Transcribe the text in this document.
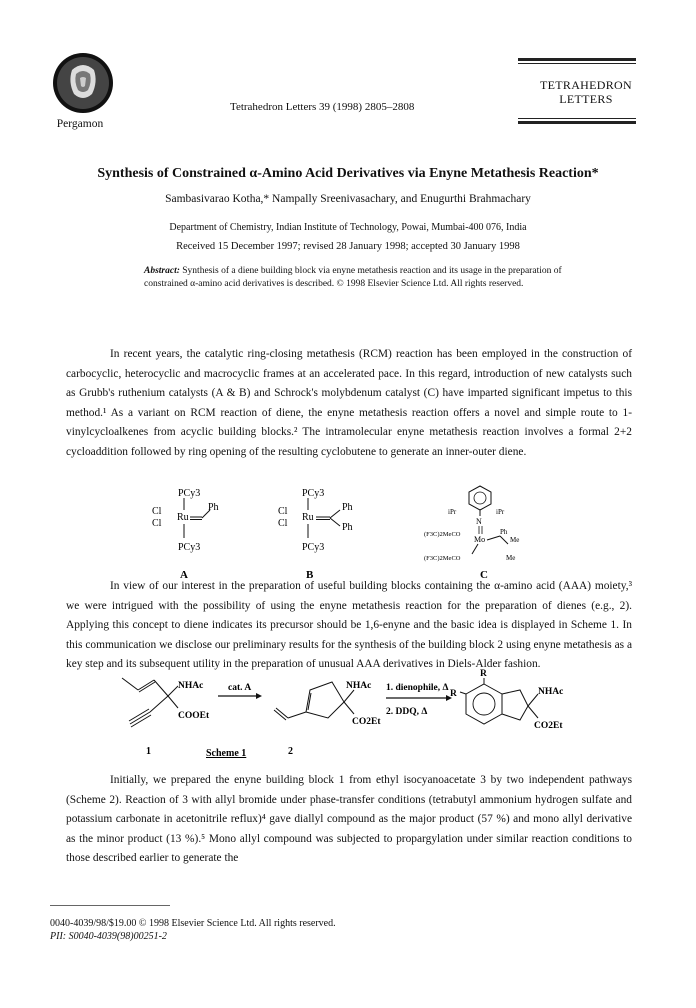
Pergamon
Tetrahedron Letters 39 (1998) 2805–2808
TETRAHEDRON
LETTERS
Synthesis of Constrained α-Amino Acid Derivatives via Enyne Metathesis Reaction*
Sambasivarao Kotha,* Nampally Sreenivasachary, and Enugurthi Brahmachary
Department of Chemistry, Indian Institute of Technology, Powai, Mumbai-400 076, India
Received 15 December 1997; revised 28 January 1998; accepted 30 January 1998
Abstract: Synthesis of a diene building block via enyne metathesis reaction and its usage in the preparation of constrained α-amino acid derivatives is described. © 1998 Elsevier Science Ltd. All rights reserved.

In recent years, the catalytic ring-closing metathesis (RCM) reaction has been employed in the construction of carbocyclic, heterocyclic and macrocyclic frames at an accelerated pace. In this regard, introduction of new catalysts such as Grubb's ruthenium catalysts (A & B) and Schrock's molybdenum catalyst (C) have imparted significant impetus to this method.¹ As a variant on RCM reaction of diene, the enyne metathesis reaction offers a novel and simple route to 1-vinylcycloalkenes from acyclic building blocks.² The intramolecular enyne metathesis reaction involves a formal 2+2 cycloaddition followed by ring opening of the resulting cyclobutene to generate an inner-outer diene.

PCy3
Cl
Ru
Cl
Ph
PCy3
A
PCy3
Cl
Ru
Cl
Ph
Ph
PCy3
B
iPr	iPr
N
(F3C)2MeCO
Mo
Ph
Me
(F3C)2MeCO	Me
C

In view of our interest in the preparation of useful building blocks containing the α-amino acid (AAA) moiety,³ we were intrigued with the possibility of using the enyne metathesis reaction for the preparation of dienes (e.g., 2). Applying this concept to diene indicates its precursor should be 1,6-enyne and the basic idea is displayed in Scheme 1. In this communication we disclose our preliminary results for the synthesis of the building block 2 using enyne metathesis as a key step and its subsequent utility in the preparation of unusual AAA derivatives in Diels-Alder fashion.

NHAc
COOEt
1
cat. A	NHAc
CO2Et
2
1. dienophile, Δ
2. DDQ, Δ
R
R	NHAc
CO2Et
Scheme 1

Initially, we prepared the enyne building block 1 from ethyl isocyanoacetate 3 by two independent pathways (Scheme 2). Reaction of 3 with allyl bromide under phase-transfer conditions (tetrabutyl ammonium hydrogen sulfate and potassium carbonate in acetonitrile reflux)⁴ gave diallyl compound as the major product (57 %) and mono allyl derivative as the minor product (13 %).⁵ Mono allyl compound was subjected to propargylation under similar reaction conditions to those described earlier to generate the

0040-4039/98/$19.00 © 1998 Elsevier Science Ltd. All rights reserved.
PII: S0040-4039(98)00251-2
